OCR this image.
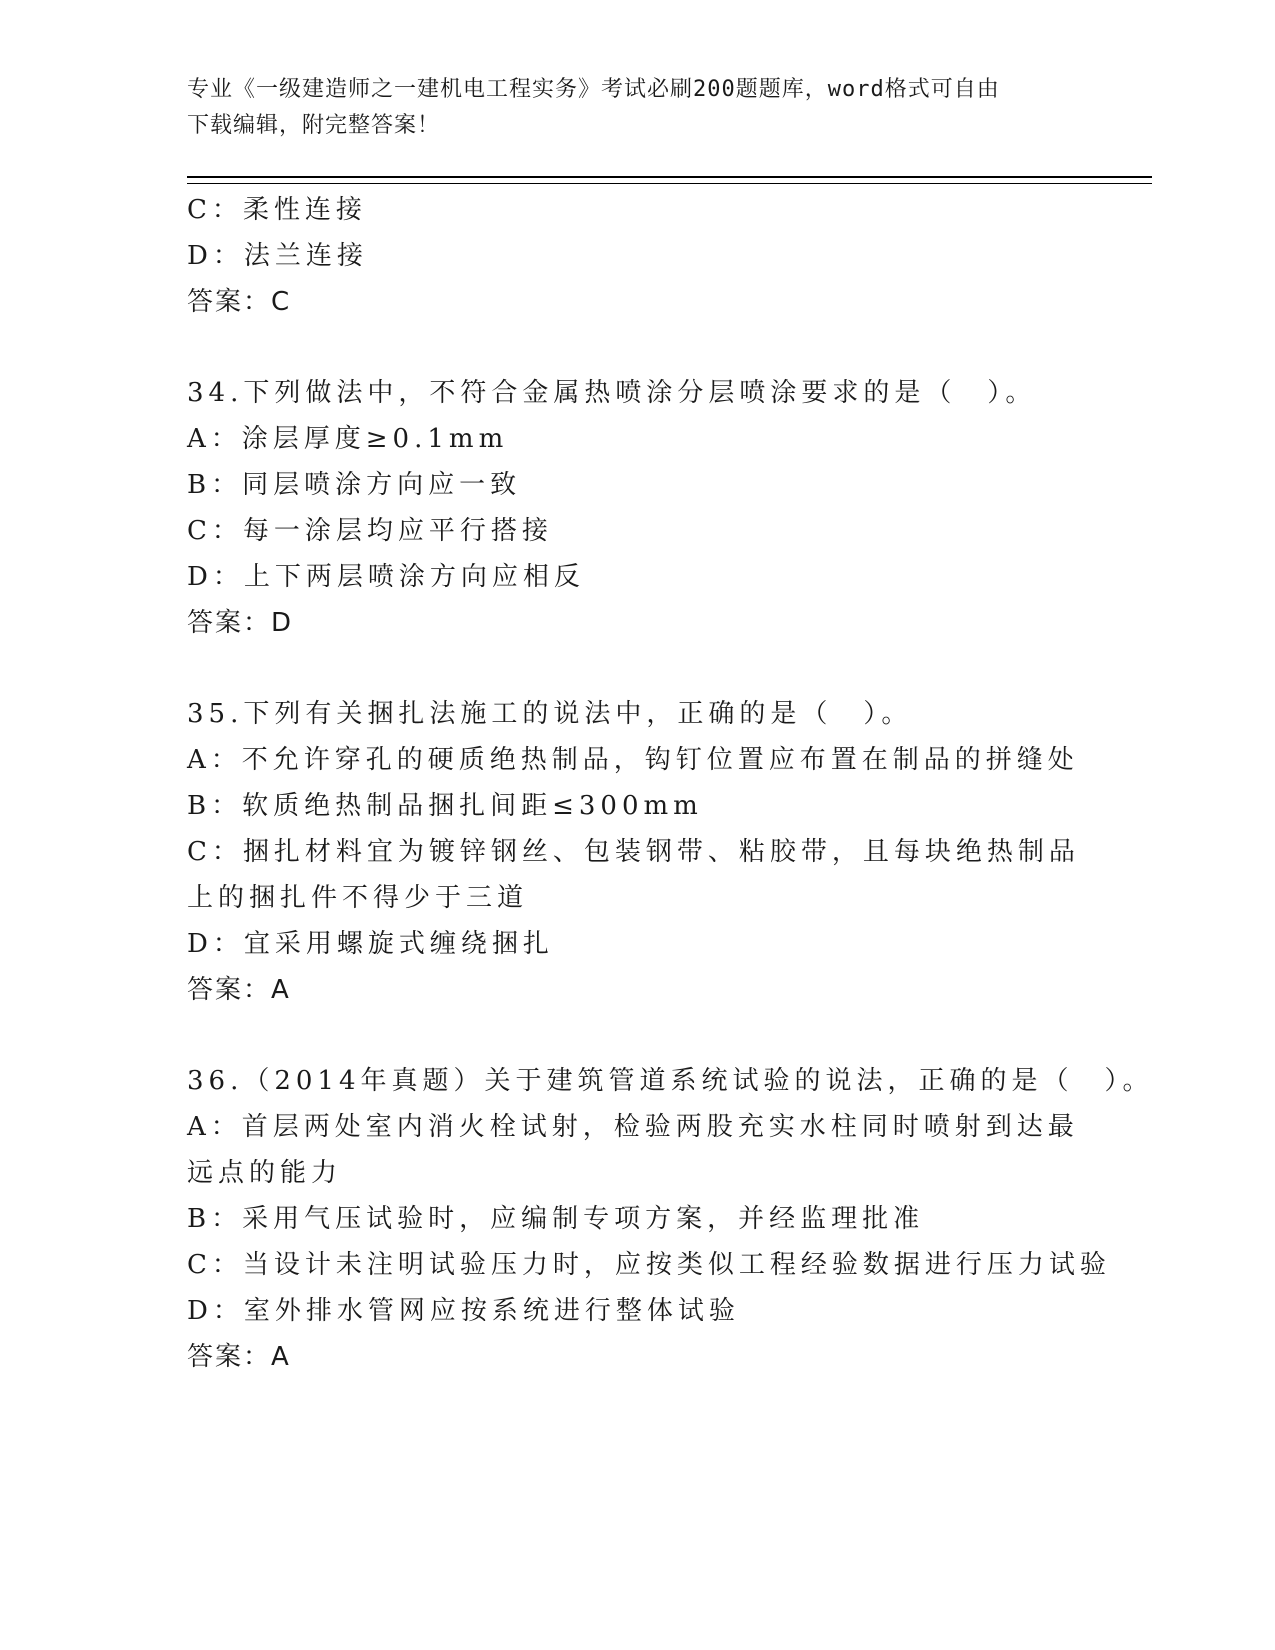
专业《一级建造师之一建机电工程实务》考试必刷200题题库，word格式可自由
下载编辑，附完整答案！
C：柔性连接
D：法兰连接
答案：C
34.下列做法中，不符合金属热喷涂分层喷涂要求的是（　）。
A：涂层厚度≥0.1mm
B：同层喷涂方向应一致
C：每一涂层均应平行搭接
D：上下两层喷涂方向应相反
答案：D
35.下列有关捆扎法施工的说法中，正确的是（　）。
A：不允许穿孔的硬质绝热制品，钩钉位置应布置在制品的拼缝处
B：软质绝热制品捆扎间距≤300mm
C：捆扎材料宜为镀锌钢丝、包装钢带、粘胶带，且每块绝热制品上的捆扎件不得少于三道
D：宜采用螺旋式缠绕捆扎
答案：A
36.（2014年真题）关于建筑管道系统试验的说法，正确的是（　）。
A：首层两处室内消火栓试射，检验两股充实水柱同时喷射到达最远点的能力
B：采用气压试验时，应编制专项方案，并经监理批准
C：当设计未注明试验压力时，应按类似工程经验数据进行压力试验
D：室外排水管网应按系统进行整体试验
答案：A
